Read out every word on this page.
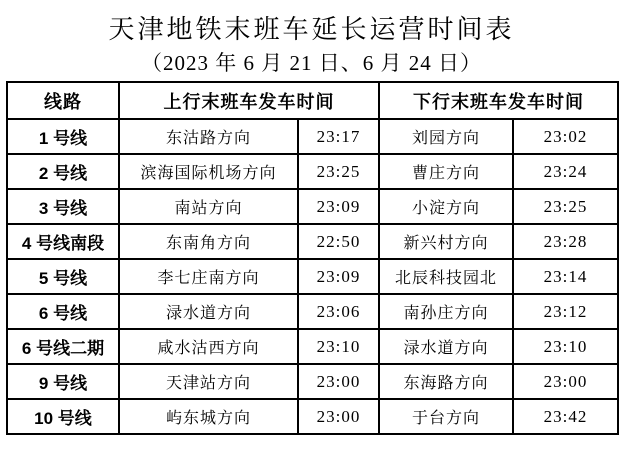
天津地铁末班车延长运营时间表
（2023 年 6 月 21 日、6 月 24 日）
线路	上行末班车发车时间		下行末班车发车时间	
1 号线	东沽路方向	23:17	刘园方向	23:02
2 号线	滨海国际机场方向	23:25	曹庄方向	23:24
3 号线	南站方向	23:09	小淀方向	23:25
4 号线南段	东南角方向	22:50	新兴村方向	23:28
5 号线	李七庄南方向	23:09	北辰科技园北	23:14
6 号线	渌水道方向	23:06	南孙庄方向	23:12
6 号线二期	咸水沽西方向	23:10	渌水道方向	23:10
9 号线	天津站方向	23:00	东海路方向	23:00
10 号线	屿东城方向	23:00	于台方向	23:42
